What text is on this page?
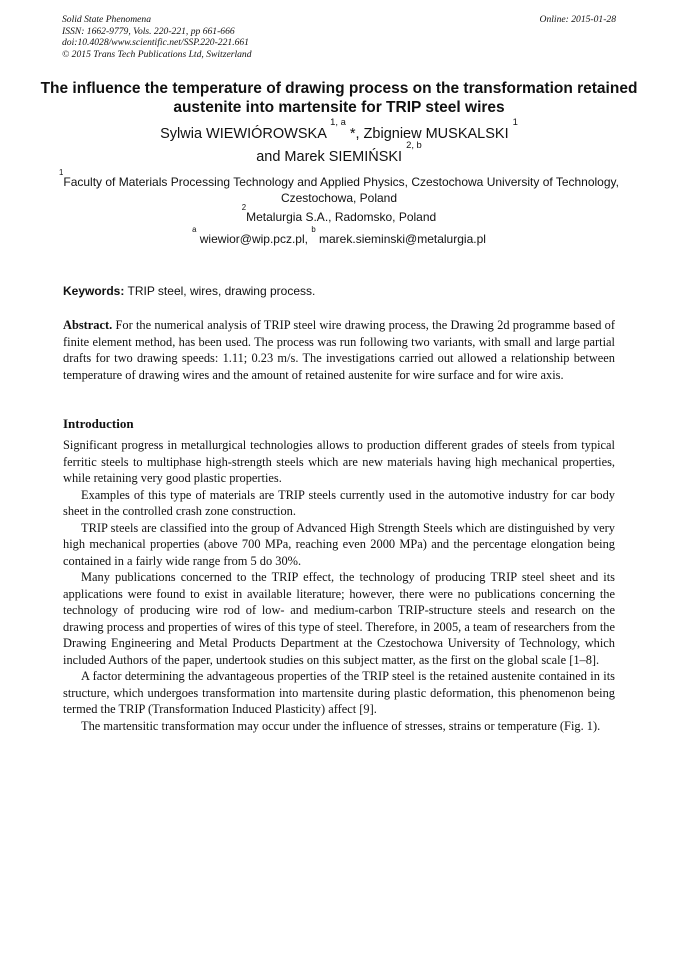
Solid State Phenomena
ISSN: 1662-9779, Vols. 220-221, pp 661-666
doi:10.4028/www.scientific.net/SSP.220-221.661
© 2015 Trans Tech Publications Ltd, Switzerland
Online: 2015-01-28
The influence the temperature of drawing process on the transformation retained austenite into martensite for TRIP steel wires
Sylwia WIEWIÓROWSKA $^{1, a}$ *, Zbigniew MUSKALSKI $^1$
and Marek SIEMIŃSKI $^{2, b}$
$^1$Faculty of Materials Processing Technology and Applied Physics, Czestochowa University of Technology, Czestochowa, Poland
$^2$Metalurgia S.A., Radomsko, Poland
$^a$ wiewior@wip.pcz.pl, $^b$ marek.sieminski@metalurgia.pl
Keywords: TRIP steel, wires, drawing process.
Abstract. For the numerical analysis of TRIP steel wire drawing process, the Drawing 2d programme based of finite element method, has been used. The process was run following two variants, with small and large partial drafts for two drawing speeds: 1.11; 0.23 m/s. The investigations carried out allowed a relationship between temperature of drawing wires and the amount of retained austenite for wire surface and for wire axis.
Introduction

Significant progress in metallurgical technologies allows to production different grades of steels from typical ferritic steels to multiphase high-strength steels which are new materials having high mechanical properties, while retaining very good plastic properties.

Examples of this type of materials are TRIP steels currently used in the automotive industry for car body sheet in the controlled crash zone construction.

TRIP steels are classified into the group of Advanced High Strength Steels which are distinguished by very high mechanical properties (above 700 MPa, reaching even 2000 MPa) and the percentage elongation being contained in a fairly wide range from 5 do 30%.

Many publications concerned to the TRIP effect, the technology of producing TRIP steel sheet and its applications were found to exist in available literature; however, there were no publications concerning the technology of producing wire rod of low- and medium-carbon TRIP-structure steels and research on the drawing process and properties of wires of this type of steel. Therefore, in 2005, a team of researchers from the Drawing Engineering and Metal Products Department at the Czestochowa University of Technology, which included Authors of the paper, undertook studies on this subject matter, as the first on the global scale [1–8].

A factor determining the advantageous properties of the TRIP steel is the retained austenite contained in its structure, which undergoes transformation into martensite during plastic deformation, this phenomenon being termed the TRIP (Transformation Induced Plasticity) affect [9].

The martensitic transformation may occur under the influence of stresses, strains or temperature (Fig. 1).
